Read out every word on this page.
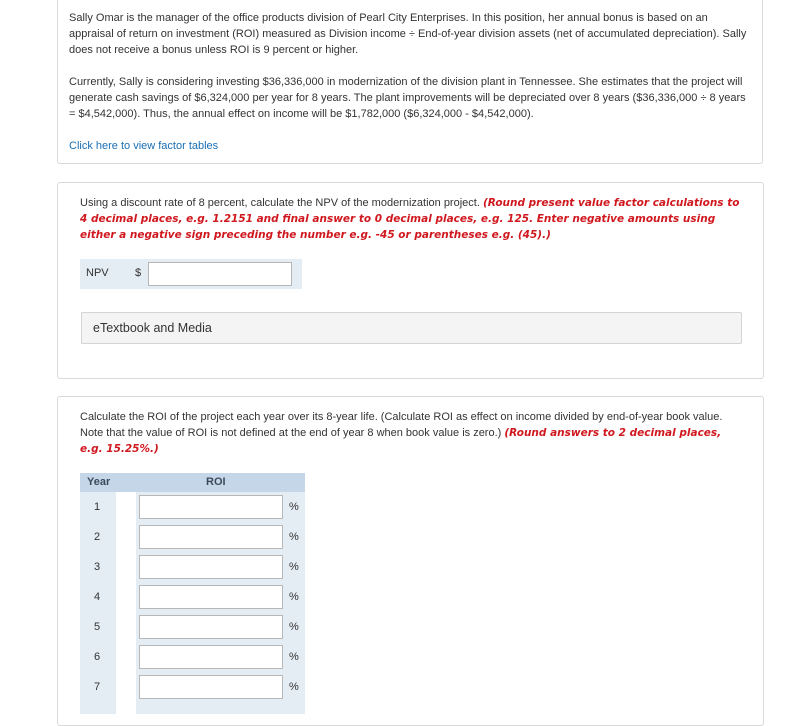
Sally Omar is the manager of the office products division of Pearl City Enterprises. In this position, her annual bonus is based on an appraisal of return on investment (ROI) measured as Division income ÷ End-of-year division assets (net of accumulated depreciation). Sally does not receive a bonus unless ROI is 9 percent or higher.

Currently, Sally is considering investing $36,336,000 in modernization of the division plant in Tennessee. She estimates that the project will generate cash savings of $6,324,000 per year for 8 years. The plant improvements will be depreciated over 8 years ($36,336,000 ÷ 8 years = $4,542,000). Thus, the annual effect on income will be $1,782,000 ($6,324,000 - $4,542,000).

Click here to view factor tables

Using a discount rate of 8 percent, calculate the NPV of the modernization project. (Round present value factor calculations to 4 decimal places, e.g. 1.2151 and final answer to 0 decimal places, e.g. 125. Enter negative amounts using either a negative sign preceding the number e.g. -45 or parentheses e.g. (45).)

NPV $
eTextbook and Media

Calculate the ROI of the project each year over its 8-year life. (Calculate ROI as effect on income divided by end-of-year book value. Note that the value of ROI is not defined at the end of year 8 when book value is zero.) (Round answers to 2 decimal places, e.g. 15.25%.)

Year	ROI
1	%
2	%
3	%
4	%
5	%
6	%
7	%
